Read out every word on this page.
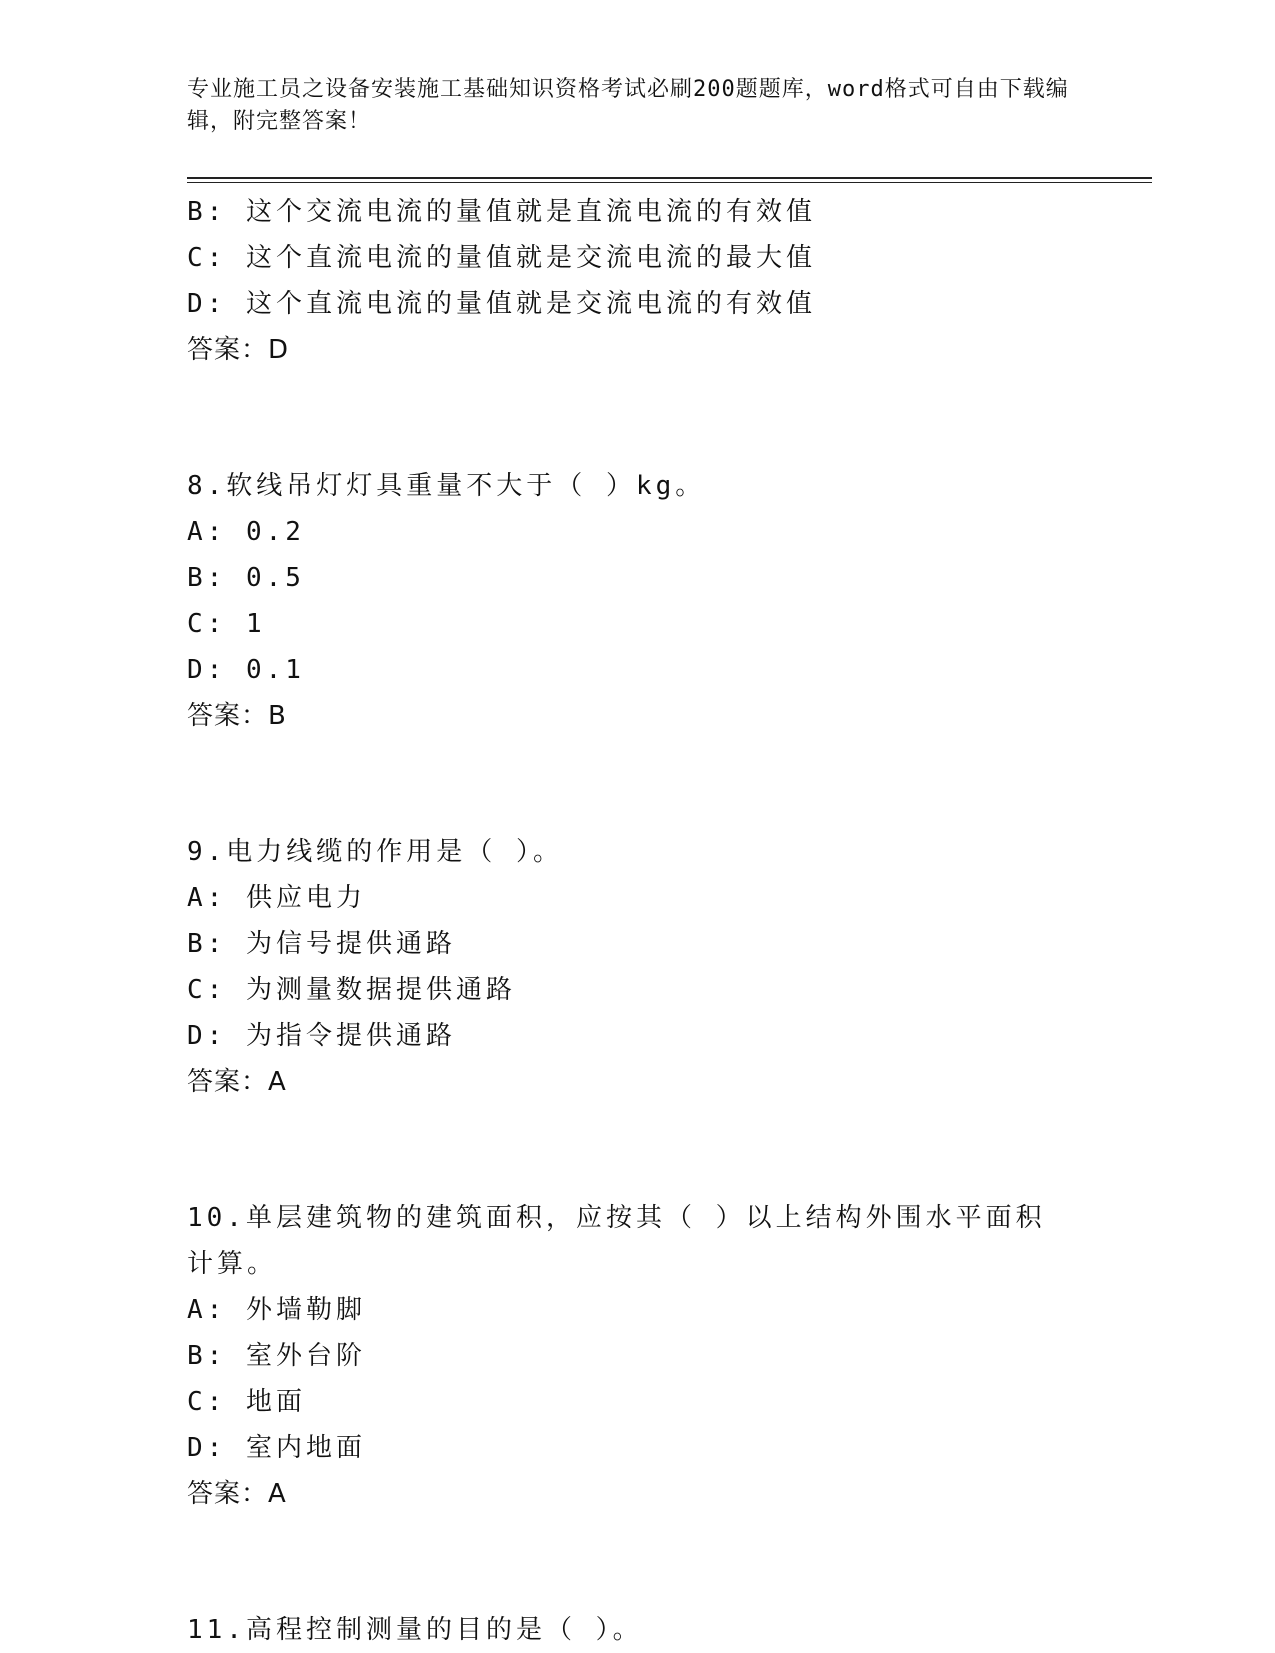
专业施工员之设备安装施工基础知识资格考试必刷200题题库，word格式可自由下载编辑，附完整答案！
B: 这个交流电流的量值就是直流电流的有效值
C: 这个直流电流的量值就是交流电流的最大值
D: 这个直流电流的量值就是交流电流的有效值
答案：D
8.软线吊灯灯具重量不大于（ ）kg。
A: 0.2
B: 0.5
C: 1
D: 0.1
答案：B
9.电力线缆的作用是（ ）。
A: 供应电力
B: 为信号提供通路
C: 为测量数据提供通路
D: 为指令提供通路
答案：A
10.单层建筑物的建筑面积，应按其（ ）以上结构外围水平面积计算。
A: 外墙勒脚
B: 室外台阶
C: 地面
D: 室内地面
答案：A
11.高程控制测量的目的是（ ）。
